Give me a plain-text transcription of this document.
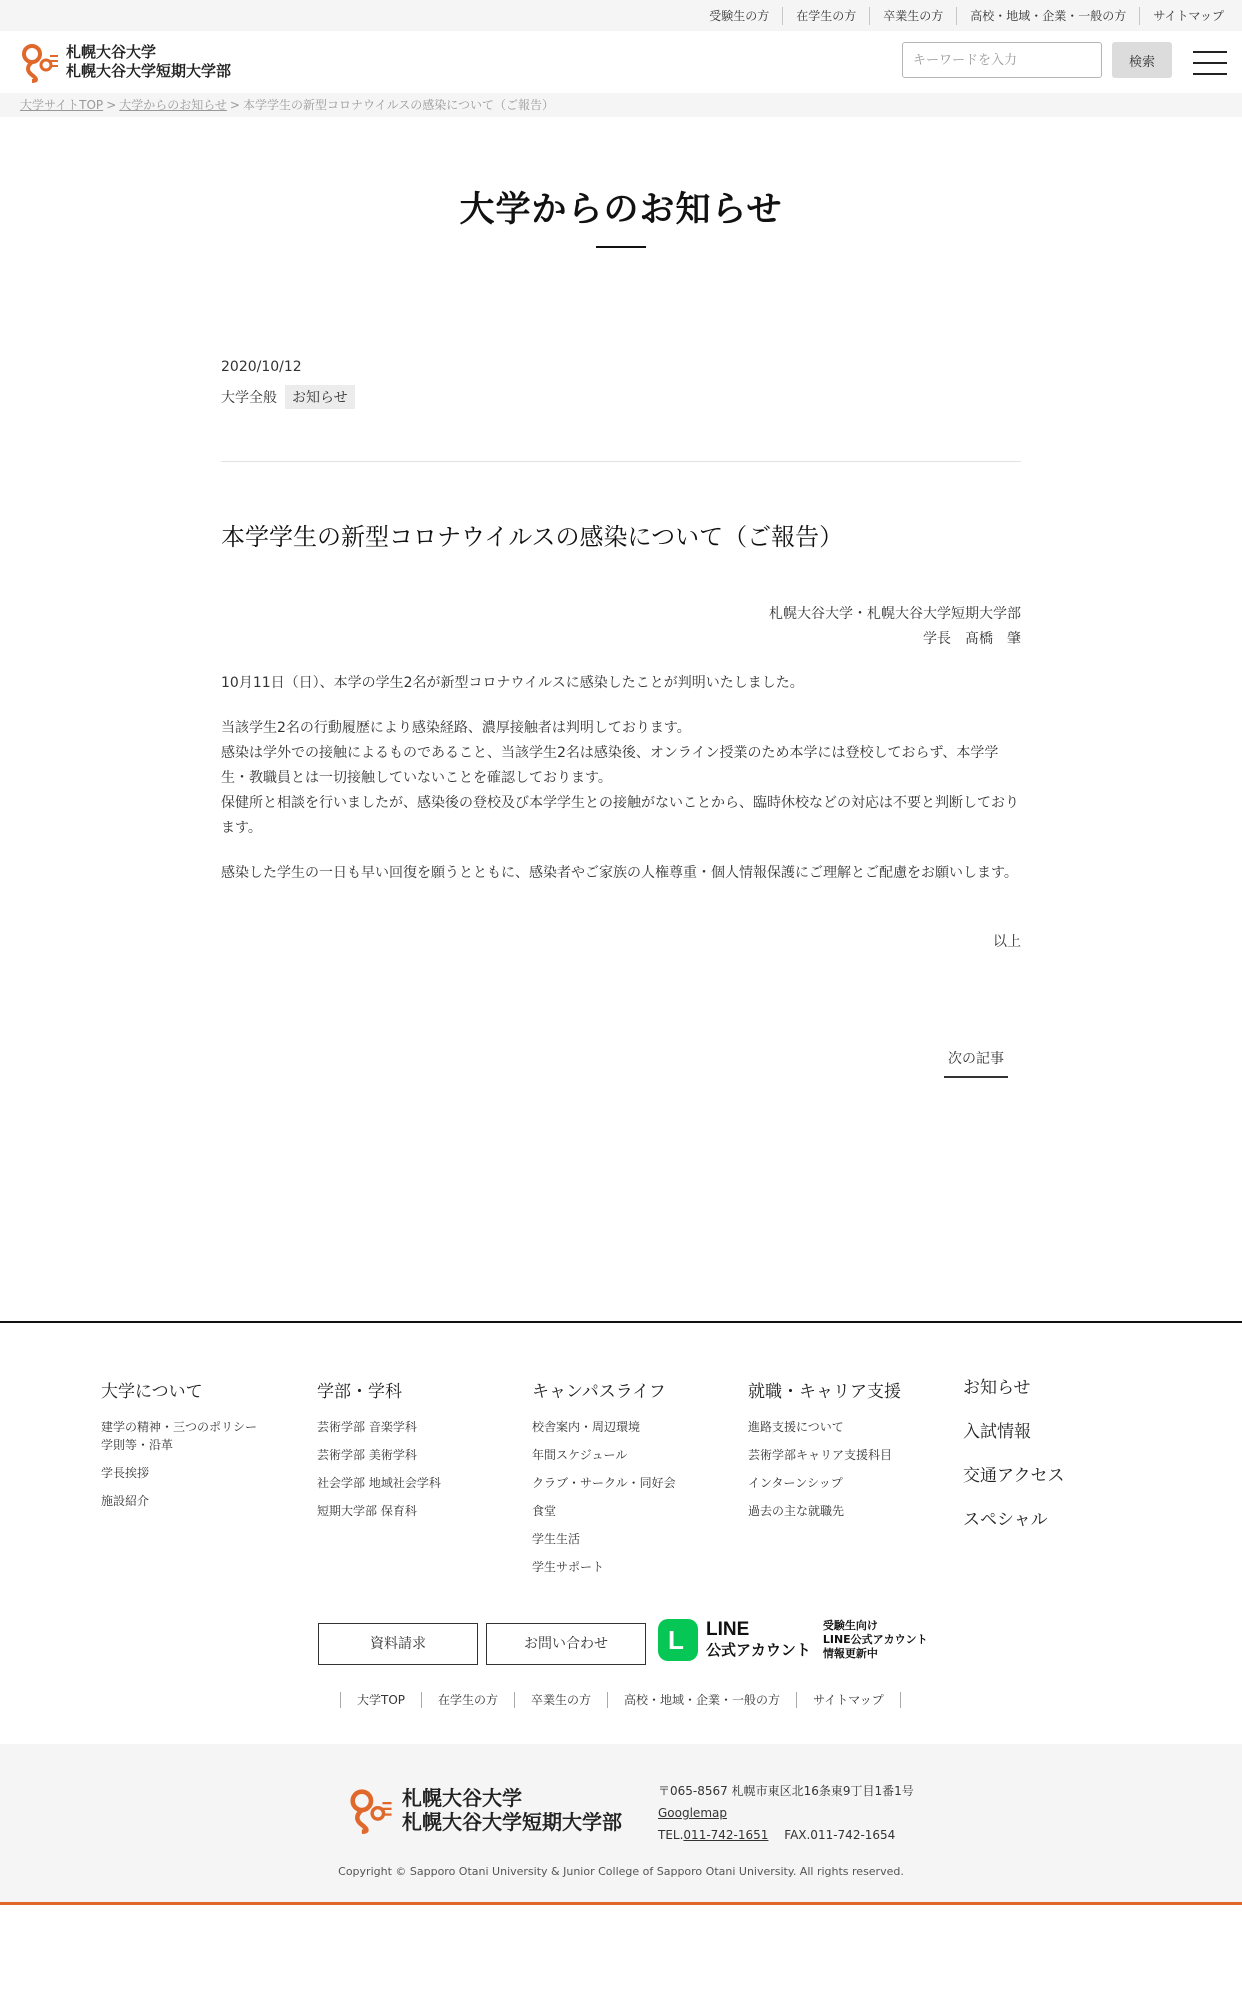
受験生の方	在学生の方	卒業生の方	高校・地域・企業・一般の方	サイトマップ
札幌大谷大学
札幌大谷大学短期大学部
キーワードを入力	検索
大学サイトTOP > 大学からのお知らせ > 本学学生の新型コロナウイルスの感染について（ご報告）
大学からのお知らせ
2020/10/12
大学全般	お知らせ
本学学生の新型コロナウイルスの感染について（ご報告）
札幌大谷大学・札幌大谷大学短期大学部
学長　髙橋　肇

10月11日（日）、本学の学生2名が新型コロナウイルスに感染したことが判明いたしました。

当該学生2名の行動履歴により感染経路、濃厚接触者は判明しております。
感染は学外での接触によるものであること、当該学生2名は感染後、オンライン授業のため本学には登校しておらず、本学学生・教職員とは一切接触していないことを確認しております。
保健所と相談を行いましたが、感染後の登校及び本学学生との接触がないことから、臨時休校などの対応は不要と判断しております。

感染した学生の一日も早い回復を願うとともに、感染者やご家族の人権尊重・個人情報保護にご理解とご配慮をお願いします。

以上
次の記事
大学について
建学の精神・三つのポリシー
学則等・沿革
学長挨拶
施設紹介
学部・学科
芸術学部 音楽学科
芸術学部 美術学科
社会学部 地域社会学科
短期大学部 保育科
キャンパスライフ
校舎案内・周辺環境
年間スケジュール
クラブ・サークル・同好会
食堂
学生生活
学生サポート
就職・キャリア支援
進路支援について
芸術学部キャリア支援科目
インターンシップ
過去の主な就職先
お知らせ
入試情報
交通アクセス
スペシャル
資料請求	お問い合わせ	L LINE
公式アカウント
受験生向け
LINE公式アカウント
情報更新中
大学TOP	在学生の方	卒業生の方	高校・地域・企業・一般の方	サイトマップ
札幌大谷大学
札幌大谷大学短期大学部
〒065-8567 札幌市東区北16条東9丁目1番1号
Googlemap
TEL.011-742-1651 FAX.011-742-1654
Copyright © Sapporo Otani University & Junior College of Sapporo Otani University. All rights reserved.
